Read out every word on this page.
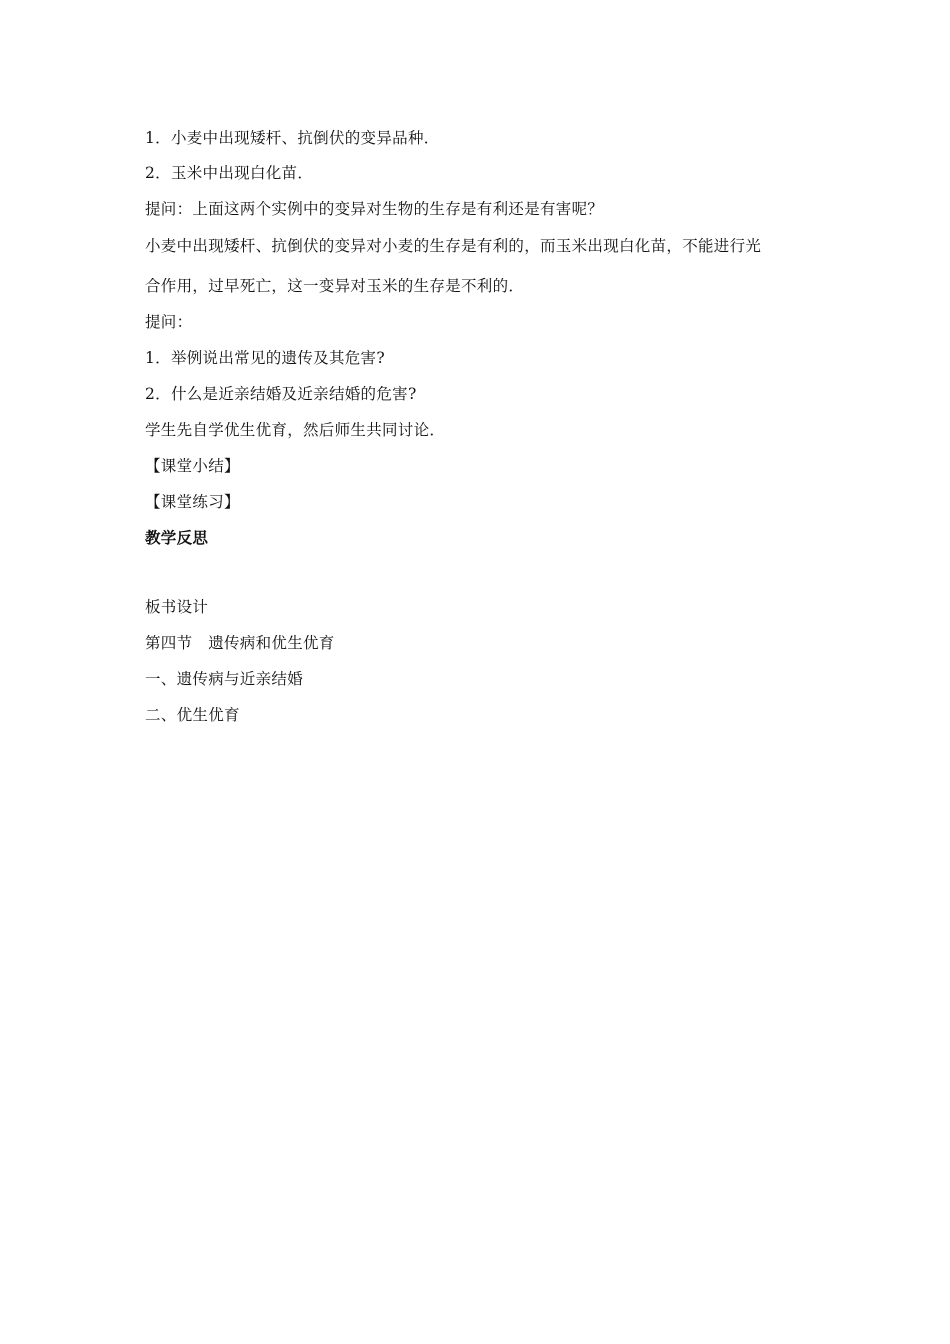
1．小麦中出现矮杆、抗倒伏的变异品种．
2．玉米中出现白化苗．
提问：上面这两个实例中的变异对生物的生存是有利还是有害呢？
小麦中出现矮杆、抗倒伏的变异对小麦的生存是有利的，而玉米出现白化苗，不能进行光
合作用，过早死亡，这一变异对玉米的生存是不利的．
提问：
1．举例说出常见的遗传及其危害?
2．什么是近亲结婚及近亲结婚的危害?
学生先自学优生优育，然后师生共同讨论．
【课堂小结】
【课堂练习】
教学反思
板书设计
第四节　遗传病和优生优育
一、遗传病与近亲结婚
二、优生优育
